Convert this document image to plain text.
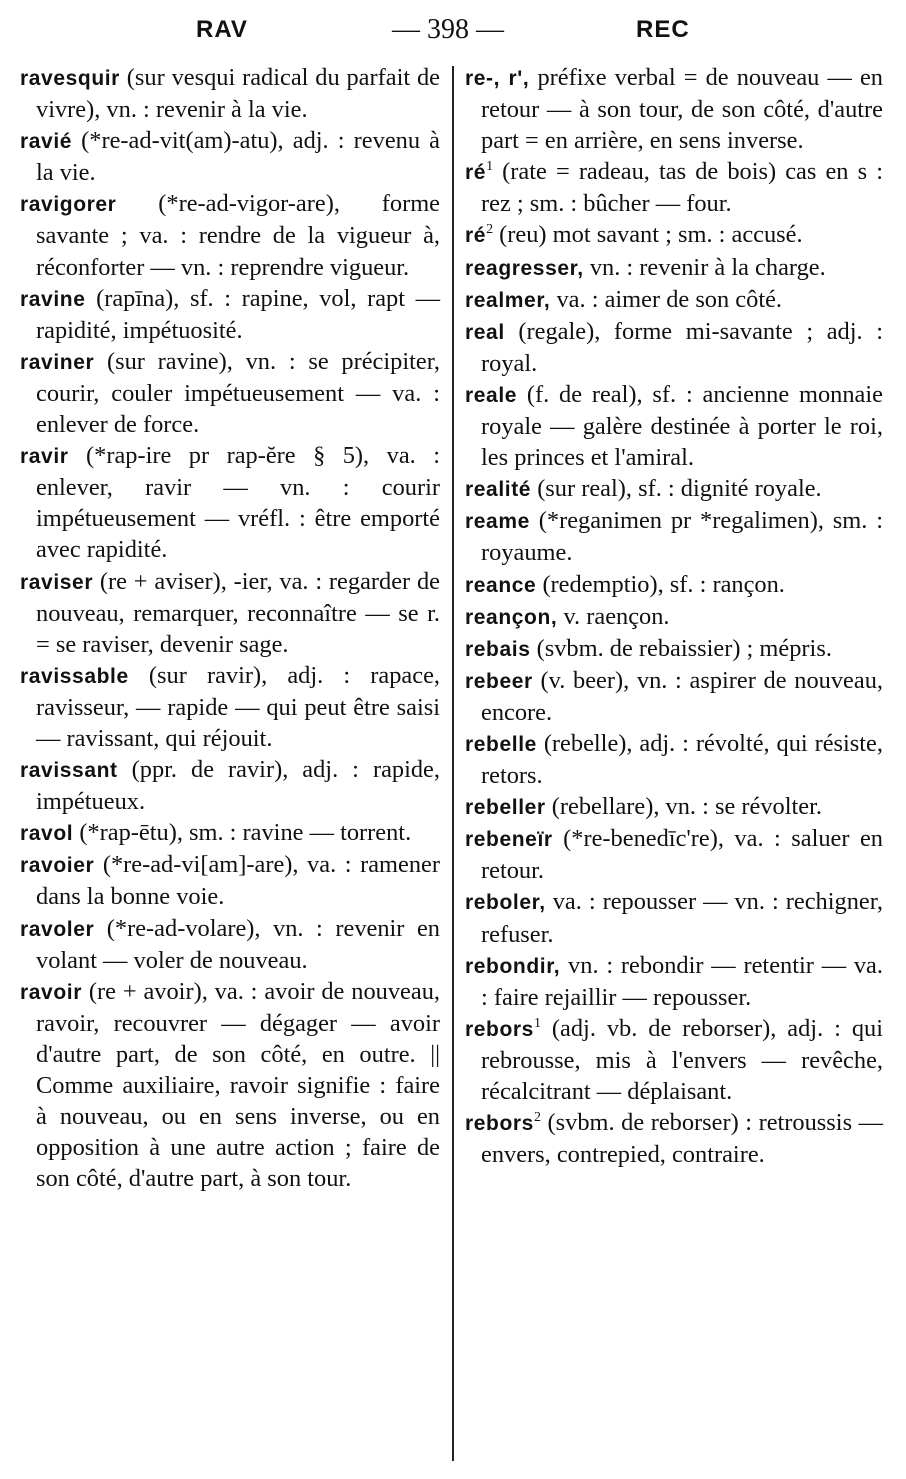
RAV	— 398 —	REC

ravesquir (sur vesqui radical du parfait de vivre), vn. : revenir à la vie.

ravié (*re-ad-vit(am)-atu), adj. : revenu à la vie.

ravigorer (*re-ad-vigor-are), forme savante ; va. : rendre de la vigueur à, réconforter — vn. : reprendre vigueur.

ravine (rapīna), sf. : rapine, vol, rapt — rapidité, impétuosité.

raviner (sur ravine), vn. : se précipiter, courir, couler impétueusement — va. : enlever de force.

ravir (*rap-ire pr rap-ĕre § 5), va. : enlever, ravir — vn. : courir impétueusement — vréfl. : être emporté avec rapidité.

raviser (re + aviser), -ier, va. : regarder de nouveau, remarquer, reconnaître — se r. = se raviser, devenir sage.

ravissable (sur ravir), adj. : rapace, ravisseur, — rapide — qui peut être saisi — ravissant, qui réjouit.

ravissant (ppr. de ravir), adj. : rapide, impétueux.

ravol (*rap-ētu), sm. : ravine — torrent.

ravoier (*re-ad-vi[am]-are), va. : ramener dans la bonne voie.

ravoler (*re-ad-volare), vn. : revenir en volant — voler de nouveau.

ravoir (re + avoir), va. : avoir de nouveau, ravoir, recouvrer — dégager — avoir d'autre part, de son côté, en outre. || Comme auxiliaire, ravoir signifie : faire à nouveau, ou en sens inverse, ou en opposition à une autre action ; faire de son côté, d'autre part, à son tour.

re-, r', préfixe verbal = de nouveau — en retour — à son tour, de son côté, d'autre part = en arrière, en sens inverse.

$ré^1$ (rate = radeau, tas de bois) cas en s : rez ; sm. : bûcher — four.

$ré^2$ (reu) mot savant ; sm. : accusé.

reagresser, vn. : revenir à la charge.

realmer, va. : aimer de son côté.

real (regale), forme mi-savante ; adj. : royal.

reale (f. de real), sf. : ancienne monnaie royale — galère destinée à porter le roi, les princes et l'amiral.

realité (sur real), sf. : dignité royale.

reame (*reganimen pr *regalimen), sm. : royaume.

reance (redemptio), sf. : rançon.

reançon, v. raençon.

rebais (svbm. de rebaissier) ; mépris.

rebeer (v. beer), vn. : aspirer de nouveau, encore.

rebelle (rebelle), adj. : révolté, qui résiste, retors.

rebeller (rebellare), vn. : se révolter.

rebeneïr (*re-benedīc're), va. : saluer en retour.

reboler, va. : repousser — vn. : rechigner, refuser.

rebondir, vn. : rebondir — retentir — va. : faire rejaillir — repousser.

rebors$^1$ (adj. vb. de reborser), adj. : qui rebrousse, mis à l'envers — revêche, récalcitrant — déplaisant.

rebors$^2$ (svbm. de reborser) : retroussis — envers, contrepied, contraire.
